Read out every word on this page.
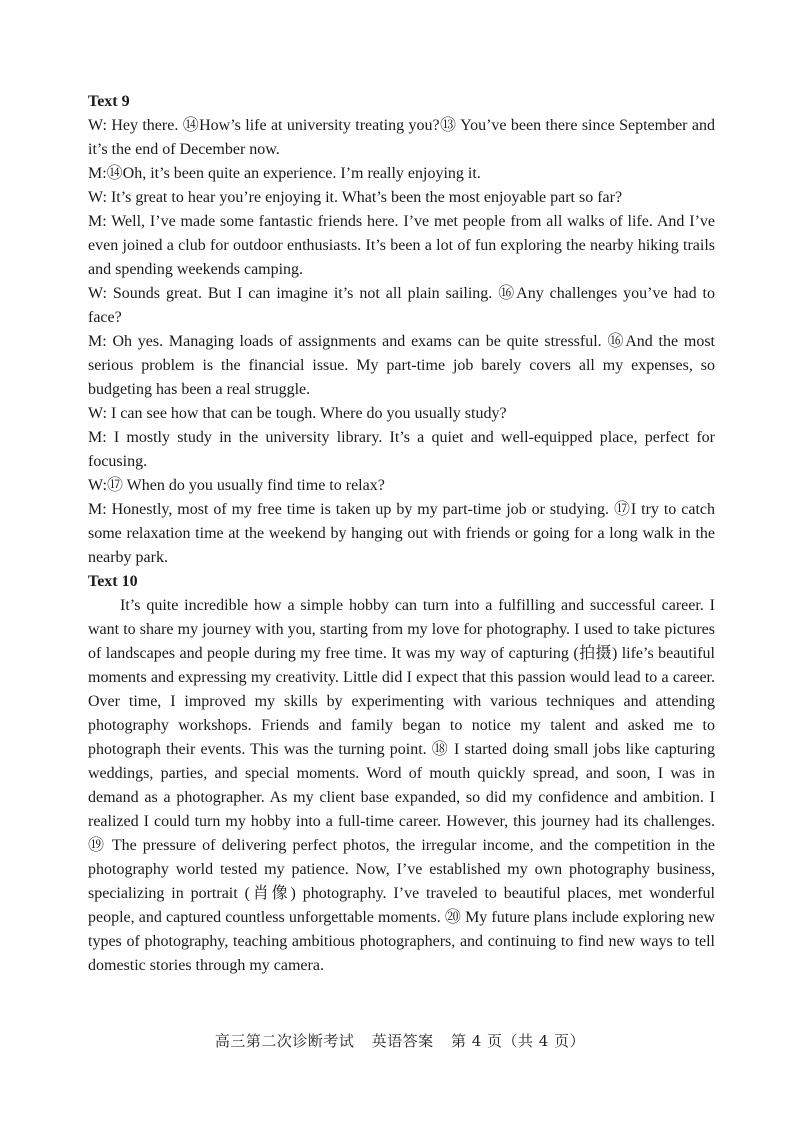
Text 9

W: Hey there. ⑭How’s life at university treating you?⑬ You’ve been there since September and it’s the end of December now.

M:⑭Oh, it’s been quite an experience. I’m really enjoying it.

W: It’s great to hear you’re enjoying it. What’s been the most enjoyable part so far?

M: Well, I’ve made some fantastic friends here. I’ve met people from all walks of life. And I’ve even joined a club for outdoor enthusiasts. It’s been a lot of fun exploring the nearby hiking trails and spending weekends camping.

W: Sounds great. But I can imagine it’s not all plain sailing. ⑯Any challenges you’ve had to face?

M: Oh yes. Managing loads of assignments and exams can be quite stressful. ⑯And the most serious problem is the financial issue. My part-time job barely covers all my expenses, so budgeting has been a real struggle.

W: I can see how that can be tough. Where do you usually study?

M: I mostly study in the university library. It’s a quiet and well-equipped place, perfect for focusing.

W:⑰ When do you usually find time to relax?

M: Honestly, most of my free time is taken up by my part-time job or studying. ⑰I try to catch some relaxation time at the weekend by hanging out with friends or going for a long walk in the nearby park.

Text 10

It’s quite incredible how a simple hobby can turn into a fulfilling and successful career. I want to share my journey with you, starting from my love for photography. I used to take pictures of landscapes and people during my free time. It was my way of capturing (拍摄) life’s beautiful moments and expressing my creativity. Little did I expect that this passion would lead to a career. Over time, I improved my skills by experimenting with various techniques and attending photography workshops. Friends and family began to notice my talent and asked me to photograph their events. This was the turning point. ⑱ I started doing small jobs like capturing weddings, parties, and special moments. Word of mouth quickly spread, and soon, I was in demand as a photographer. As my client base expanded, so did my confidence and ambition. I realized I could turn my hobby into a full-time career. However, this journey had its challenges. ⑲ The pressure of delivering perfect photos, the irregular income, and the competition in the photography world tested my patience. Now, I’ve established my own photography business, specializing in portrait (肖像) photography. I’ve traveled to beautiful places, met wonderful people, and captured countless unforgettable moments. ⑳ My future plans include exploring new types of photography, teaching ambitious photographers, and continuing to find new ways to tell domestic stories through my camera.

高三第二次诊断考试 英语答案 第 4 页（共 4 页）
